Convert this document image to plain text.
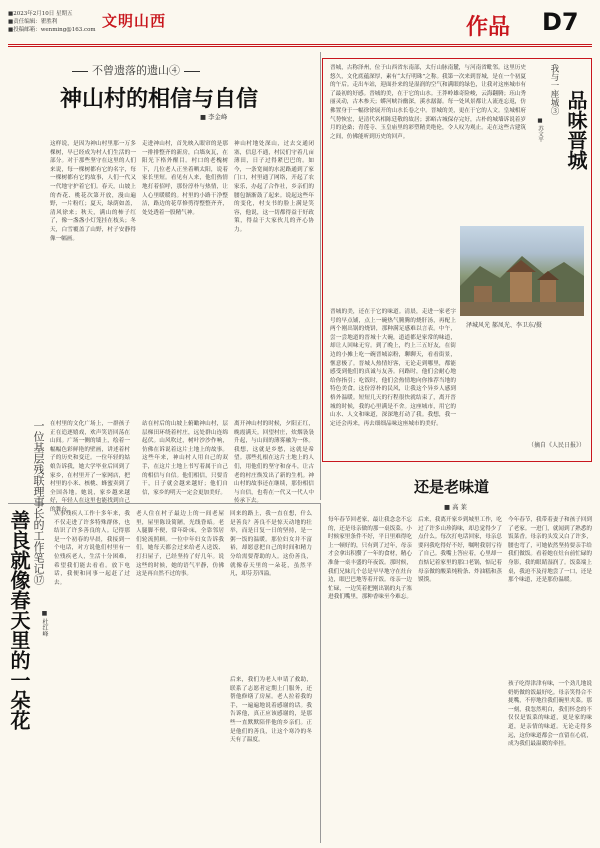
■2023年2月10日 星期五
■责任编辑：瞿胜利
■投稿邮箱：wenming@163.com 文明山西	作品	D7
不曾遗落的遗山④
神山村的相信与自信
■ 李金峰
这样说，是因为神山村里那一万多棵树，早已经成为村人们生活的一部分。对于那些坚守在这里的人们来说，每一棵树都有它的名字，每一棵树都有它的故事，人们一代又一代地守护着它们。春天，山坡上的杏花、桃花次第开放，漫山遍野，一片粉红；夏天，绿荫如盖，清风徐来；秋天，满山的柿子红了，像一盏盏小灯笼挂在枝头；冬天，白雪覆盖了山野，村子安静得像一幅画。
走进神山村，首先映入眼帘的是那一排排整齐的新房，白墙灰瓦，在阳光下格外醒目。村口的老槐树下，几位老人正坐着晒太阳，说着家长里短。看见有人来，他们热情地打着招呼，那份淳朴与热情，让人心里暖暖的。村里的小路干净整洁，路边的花草修剪得整整齐齐，处处透着一股精气神。
神山村地处深山，过去交通闭塞，信息不通，村民们守着几亩薄田，日子过得紧巴巴的。如今，一条宽阔的水泥路通到了家门口，村里通了网络，开起了农家乐，办起了合作社，乡亲们的腰包渐渐鼓了起来。说起这些年的变化，村支书的脸上满是笑容，他说，这一切都得益于好政策，得益于大家伙儿的齐心协力。
在村里的文化广场上，一群孩子正在追逐嬉戏，欢声笑语回荡在山间。广场一侧的墙上，绘着一幅幅色彩鲜艳的壁画，讲述着村子的历史和变迁。一位年轻的姑娘告诉我，她大学毕业后回到了家乡，在村里开了一家网店，把村里的小米、核桃、蜂蜜卖到了全国各地。她说，家乡越来越好，年轻人在这里也能找到自己的舞台。
站在村后的山坡上俯瞰神山村，层层梯田环绕着村庄，远处群山连绵起伏。山风吹过，树叶沙沙作响，仿佛在诉说着这片土地上的故事。这些年来，神山村人用自己的双手，在这片土地上书写着属于自己的相信与自信。他们相信，只要肯干，日子就会越来越好；他们自信，家乡的明天一定会更加美好。
离开神山村的时候，夕阳正红，晚霞满天。回望村庄，炊烟袅袅升起，与山间的薄雾融为一体。我想，这就是乡愁，这就是希望。那些扎根在这片土地上的人们，用他们的坚守和奋斗，让古老的村庄焕发出了新的生机。神山村的故事还在继续，那份相信与自信，也将在一代又一代人中传承下去。
一位基层残联理事长的工作笔记⑰
善良就像春天里的一朵花 ■ 杜红峰
从事残疾人工作十多年来，我不仅走进了许多特殊群体，也结识了许多善良的人。记得那是一个初春的早晨，我接到一个电话，对方说他们村里有一位残疾老人，生活十分困难，希望我们能去看看。放下电话，我便和同事一起赶了过去。
老人住在村子最边上的一间老屋里，屋里陈设简陋，光线昏暗。老人腿脚不便，常年卧床，全靠邻居们轮流照顾。一位中年妇女告诉我们，她每天都会过来给老人送饭、打扫屋子，已经坚持了好几年。说这些的时候，她的语气平静，仿佛这是再自然不过的事。
回来的路上，我一直在想，什么是善良？善良不是惊天动地的壮举，而是日复一日的坚持，是一粥一饭的温暖。那位妇女并不富裕，却愿意把自己的时间和精力分给需要帮助的人。这份善良，就像春天里的一朵花，虽然平凡，却芬芳四溢。
后来，我们为老人申请了救助，联系了志愿者定期上门服务，还帮他修缮了房屋。老人拉着我的手，一遍遍地说着感谢的话。我告诉他，真正应该感谢的，是那些一直默默陪伴他的乡亲们。正是他们的善良，让这个寒冷的冬天有了温度。
晋城，古称泽州，位于山西省东南部，太行山脉南麓，与河南省毗邻。这里历史悠久，文化底蕴深厚，素有“太行明珠”之称。我第一次来到晋城，是在一个初夏的午后。走出车站，迎面扑来的是湿润的空气和满眼的绿色，让我对这座城市有了最初的好感。晋城的美，在于它的山水。王莽岭雄奇险峻，云海翻腾；珏山秀丽灵动，古木参天；蟒河峡谷幽深，溪水潺潺。每一处风景都让人流连忘返，仿佛置身于一幅徐徐展开的山水长卷之中。晋城的美，更在于它的人文。皇城相府气势恢宏，是清代名相陈廷敬的故居；郭峪古城保存完好，古朴的城墙诉说着岁月的沧桑；青莲寺、玉皇庙里的彩塑精美绝伦，令人叹为观止。走在这些古建筑之间，仿佛能听到历史的回声。
我与一座城③
品味晋城
■ 苏文平
泽城风光 郝凤光、李卫东/摄
晋城的美，还在于它的味道。清晨，走进一家老字号的早点铺，点上一碗热气腾腾的烧肝汤，再配上两个刚出锅的烧饼，那种满足感难以言表。中午，尝一尝地道的晋城十大碗，道道都是家常的味道，却让人回味无穷。到了晚上，约上三五好友，在街边的小摊上吃一碗晋城凉粉，聊聊天，看看街景，惬意极了。晋城人热情好客，无论走到哪里，都能感受到他们的真诚与友善。问路时，他们会耐心地给你指引；吃饭时，他们会热情地向你推荐当地的特色美食。这份淳朴的民风，让我这个异乡人感到格外温暖。短短几天的行程很快就结束了，离开晋城的时候，我的心里满是不舍。这座城市，用它的山水、人文和味道，深深地打动了我。我想，我一定还会再来，再去细细品味这座城市的美好。
（摘自《人民日报》）
还是老味道
■ 高 莱
每年春节回老家，最让我念念不忘的，还是母亲做的那一桌饭菜。小时候家里条件不好，平日里难得吃上一顿好的，只有到了过年，母亲才会拿出积攒了一年的食材，精心准备一桌丰盛的年夜饭。那时候，我们兄妹几个总是早早地守在灶台边，眼巴巴地等着开饭。母亲一边忙碌，一边笑着把刚出锅的丸子塞进我们嘴里，那种香味至今难忘。
后来，我离开家乡到城里工作，吃过了许多山珍海味，却总觉得少了点什么。每次打电话回家，母亲总要问我吃得好不好，嘱咐我别亏待了自己。我嘴上答应着，心里却一直惦记着家里的那口老锅，惦记着母亲做的酸菜炖粉条、炸油糕和蒸馍馍。
今年春节，我带着妻子和孩子回到了老家。一进门，就闻到了熟悉的饭菜香。母亲的头发又白了许多，腰也弯了，可她依然坚持要亲手给我们做饭。看着她在灶台前忙碌的身影，我的眼睛湿润了。饭菜端上桌，我迫不及待地尝了一口，还是那个味道，还是那份温暖。
孩子吃得津津有味，一个劲儿地说奶奶做的饭最好吃。母亲笑得合不拢嘴，不停地往我们碗里夹菜。那一刻，我忽然明白，我们怀念的不仅仅是饭菜的味道，更是家的味道，是亲情的味道。无论走得多远，这份味道都会一直留在心底，成为我们最温暖的牵挂。
